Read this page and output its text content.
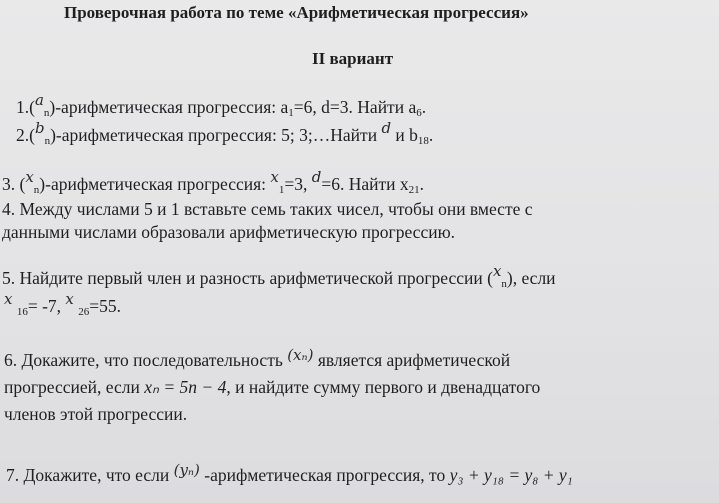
Проверочная работа по теме «Арифметическая прогрессия»
II вариант
$1.(a_n)$-арифметическая прогрессия: $a_1=6$, d=3. Найти $a_6$.
$2.(b_n)$-арифметическая прогрессия: 5; 3;…Найти d и $b_{18}$.
3. $(x_n)$-арифметическая прогрессия: $x_1=3$, d=6. Найти $x_{21}$.
4. Между числами 5 и 1 вставьте семь таких чисел, чтобы они вместе с
данными числами образовали арифметическую прогрессию.
5. Найдите первый член и разность арифметической прогрессии $(x_n)$, если
x $_{16}$= -7, x $_{26}$=55.
6. Докажите, что последовательность (xₙ) является арифметической
прогрессией, если xₙ = 5n − 4, и найдите сумму первого и двенадцатого
членов этой прогрессии.
7. Докажите, что если (yₙ) -арифметическая прогрессия, то y₃ + y₁₈ = y₈ + y₁
